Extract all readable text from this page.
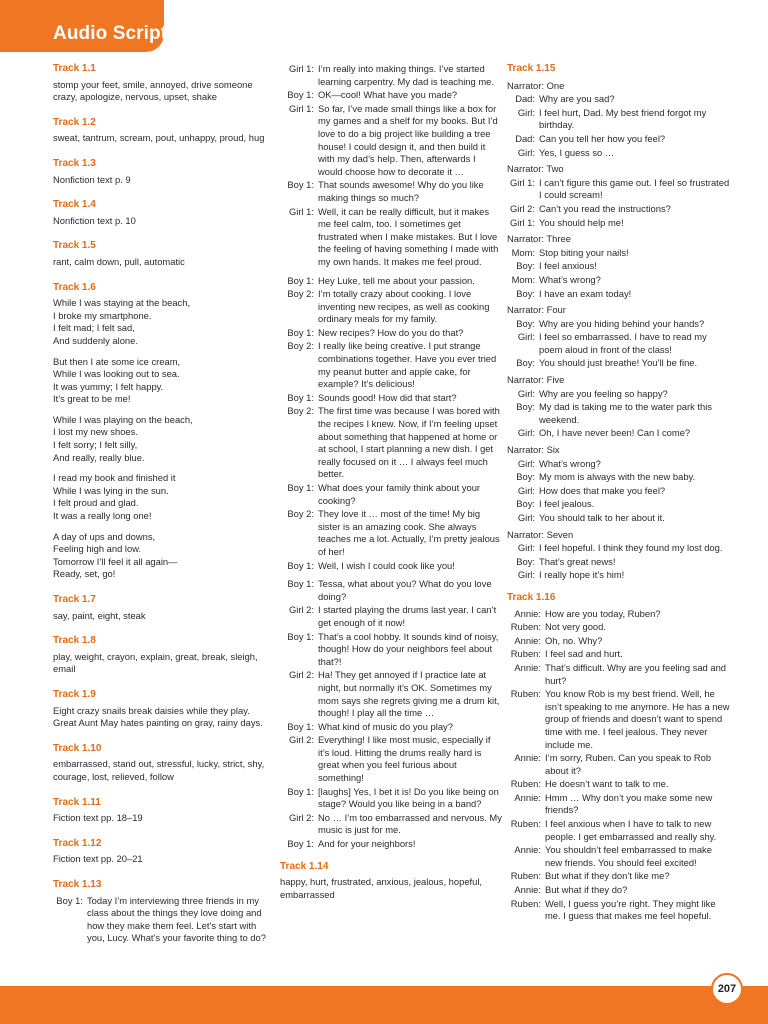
Audio Script
Track 1.1
stomp your feet, smile, annoyed, drive someone crazy, apologize, nervous, upset, shake
Track 1.2
sweat, tantrum, scream, pout, unhappy, proud, hug
Track 1.3
Nonfiction text p. 9
Track 1.4
Nonfiction text p. 10
Track 1.5
rant, calm down, pull, automatic
Track 1.6
While I was staying at the beach,
I broke my smartphone.
I felt mad; I felt sad,
And suddenly alone.
But then I ate some ice cream,
While I was looking out to sea.
It was yummy; I felt happy.
It’s great to be me!
While I was playing on the beach,
I lost my new shoes.
I felt sorry; I felt silly,
And really, really blue.
I read my book and finished it
While I was lying in the sun.
I felt proud and glad.
It was a really long one!
A day of ups and downs,
Feeling high and low.
Tomorrow I’ll feel it all again—
Ready, set, go!
Track 1.7
say, paint, eight, steak
Track 1.8
play, weight, crayon, explain, great, break, sleigh, email
Track 1.9
Eight crazy snails break daisies while they play. Great Aunt May hates painting on gray, rainy days.
Track 1.10
embarrassed, stand out, stressful, lucky, strict, shy, courage, lost, relieved, follow
Track 1.11
Fiction text pp. 18–19
Track 1.12
Fiction text pp. 20–21
Track 1.13
Boy 1: Today I’m interviewing three friends in my class about the things they love doing and how they make them feel. Let’s start with you, Lucy. What’s your favorite thing to do?
Girl 1: I’m really into making things. I’ve started learning carpentry. My dad is teaching me.
Boy 1: OK—cool! What have you made?
Girl 1: So far, I’ve made small things like a box for my games and a shelf for my books. But I’d love to do a big project like building a tree house! I could design it, and then build it with my dad’s help. Then, afterwards I would choose how to decorate it …
Boy 1: That sounds awesome! Why do you like making things so much?
Girl 1: Well, it can be really difficult, but it makes me feel calm, too. I sometimes get frustrated when I make mistakes. But I love the feeling of having something I made with my own hands. It makes me feel proud.
Boy 1: Hey Luke, tell me about your passion.
Boy 2: I’m totally crazy about cooking. I love inventing new recipes, as well as cooking ordinary meals for my family.
Boy 1: New recipes? How do you do that?
Boy 2: I really like being creative. I put strange combinations together. Have you ever tried my peanut butter and apple cake, for example? It’s delicious!
Boy 1: Sounds good! How did that start?
Boy 2: The first time was because I was bored with the recipes I knew. Now, if I’m feeling upset about something that happened at home or at school, I start planning a new dish. I get really focused on it … I always feel much better.
Boy 1: What does your family think about your cooking?
Boy 2: They love it … most of the time! My big sister is an amazing cook. She always teaches me a lot. Actually, I’m pretty jealous of her!
Boy 1: Well, I wish I could cook like you!
Boy 1: Tessa, what about you? What do you love doing?
Girl 2: I started playing the drums last year. I can’t get enough of it now!
Boy 1: That’s a cool hobby. It sounds kind of noisy, though! How do your neighbors feel about that?!
Girl 2: Ha! They get annoyed if I practice late at night, but normally it’s OK. Sometimes my mom says she regrets giving me a drum kit, though! I play all the time …
Boy 1: What kind of music do you play?
Girl 2: Everything! I like most music, especially if it’s loud. Hitting the drums really hard is great when you feel furious about something!
Boy 1: [laughs] Yes, I bet it is! Do you like being on stage? Would you like being in a band?
Girl 2: No … I’m too embarrassed and nervous. My music is just for me.
Boy 1: And for your neighbors!
Track 1.14
happy, hurt, frustrated, anxious, jealous, hopeful, embarrassed
Track 1.15
Narrator: One
Dad: Why are you sad?
Girl: I feel hurt, Dad. My best friend forgot my birthday.
Dad: Can you tell her how you feel?
Girl: Yes, I guess so …
Narrator: Two
Girl 1: I can’t figure this game out. I feel so frustrated I could scream!
Girl 2: Can’t you read the instructions?
Girl 1: You should help me!
Narrator: Three
Mom: Stop biting your nails!
Boy: I feel anxious!
Mom: What’s wrong?
Boy: I have an exam today!
Narrator: Four
Boy: Why are you hiding behind your hands?
Girl: I feel so embarrassed. I have to read my poem aloud in front of the class!
Boy: You should just breathe! You’ll be fine.
Narrator: Five
Girl: Why are you feeling so happy?
Boy: My dad is taking me to the water park this weekend.
Girl: Oh, I have never been! Can I come?
Narrator: Six
Girl: What’s wrong?
Boy: My mom is always with the new baby.
Girl: How does that make you feel?
Boy: I feel jealous.
Girl: You should talk to her about it.
Narrator: Seven
Girl: I feel hopeful. I think they found my lost dog.
Boy: That’s great news!
Girl: I really hope it’s him!
Track 1.16
Annie: How are you today, Ruben?
Ruben: Not very good.
Annie: Oh, no. Why?
Ruben: I feel sad and hurt.
Annie: That’s difficult. Why are you feeling sad and hurt?
Ruben: You know Rob is my best friend. Well, he isn’t speaking to me anymore. He has a new group of friends and doesn’t want to spend time with me. I feel jealous. They never include me.
Annie: I’m sorry, Ruben. Can you speak to Rob about it?
Ruben: He doesn’t want to talk to me.
Annie: Hmm … Why don’t you make some new friends?
Ruben: I feel anxious when I have to talk to new people. I get embarrassed and really shy.
Annie: You shouldn’t feel embarrassed to make new friends. You should feel excited!
Ruben: But what if they don’t like me?
Annie: But what if they do?
Ruben: Well, I guess you’re right. They might like me. I guess that makes me feel hopeful.
207
